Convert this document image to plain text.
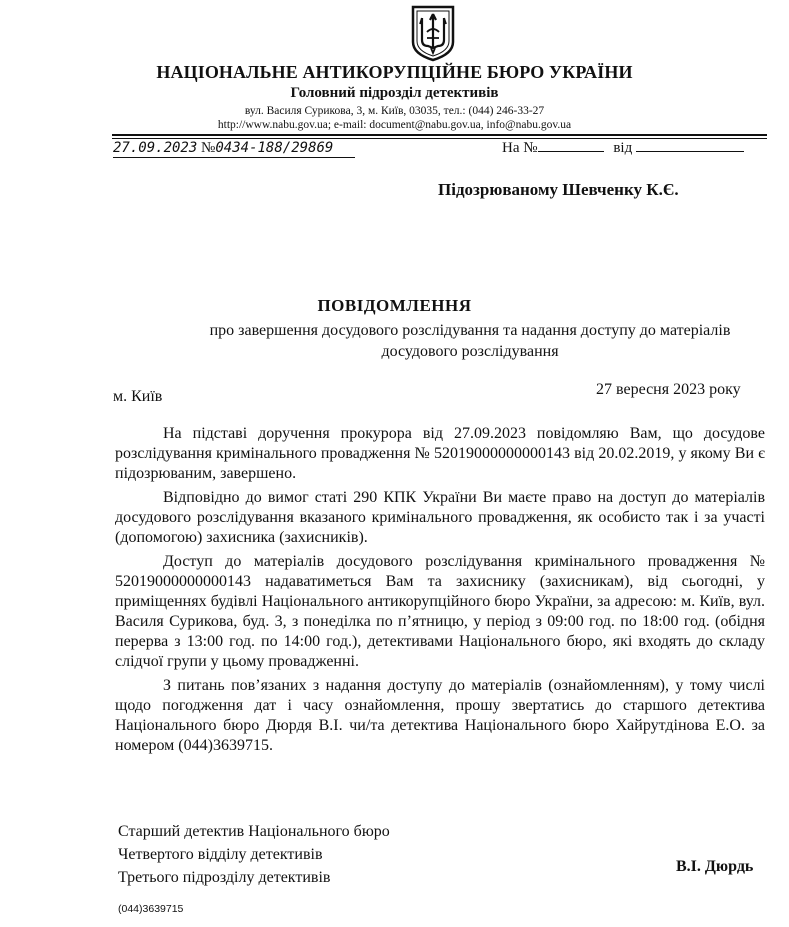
НАЦІОНАЛЬНЕ АНТИКОРУПЦІЙНЕ БЮРО УКРАЇНИ
Головний підрозділ детективів
вул. Василя Сурикова, 3, м. Київ, 03035, тел.: (044) 246-33-27
http://www.nabu.gov.ua; e-mail: document@nabu.gov.ua, info@nabu.gov.ua
27.09.2023 №0434-188/29869	На №	від
Підозрюваному Шевченку К.Є.
ПОВІДОМЛЕННЯ
про завершення досудового розслідування та надання доступу до матеріалів
досудового розслідування
м. Київ	27 вересня 2023 року

На підставі доручення прокурора від 27.09.2023 повідомляю Вам, що досудове розслідування кримінального провадження № 52019000000000143 від 20.02.2019, у якому Ви є підозрюваним, завершено.

Відповідно до вимог статі 290 КПК України Ви маєте право на доступ до матеріалів досудового розслідування вказаного кримінального провадження, як особисто так і за участі (допомогою) захисника (захисників).

Доступ до матеріалів досудового розслідування кримінального провадження № 52019000000000143 надаватиметься Вам та захиснику (захисникам), від сьогодні, у приміщеннях будівлі Національного антикорупційного бюро України, за адресою: м. Київ, вул. Василя Сурикова, буд. 3, з понеділка по п’ятницю, у період з 09:00 год. по 18:00 год. (обідня перерва з 13:00 год. по 14:00 год.), детективами Національного бюро, які входять до складу слідчої групи у цьому провадженні.

З питань пов’язаних з надання доступу до матеріалів (ознайомленням), у тому числі щодо погодження дат і часу ознайомлення, прошу звертатись до старшого детектива Національного бюро Дюрдя В.І. чи/та детектива Національного бюро Хайрутдінова Е.О. за номером (044)3639715.

Старший детектив Національного бюро
Четвертого відділу детективів
Третього підрозділу детективів
В.І. Дюрдь
(044)3639715
